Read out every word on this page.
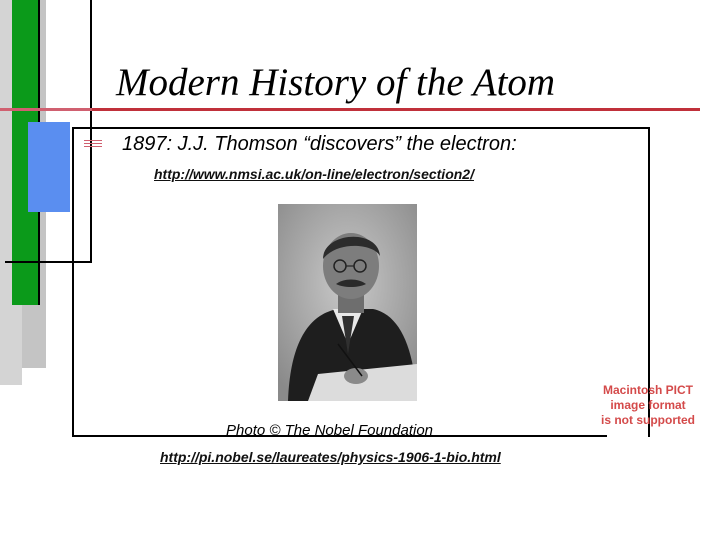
Modern History of the Atom
1897: J.J. Thomson “discovers” the electron:
http://www.nmsi.ac.uk/on-line/electron/section2/
Photo © The Nobel Foundation
http://pi.nobel.se/laureates/physics-1906-1-bio.html
Macintosh PICT
image format
is not supported
